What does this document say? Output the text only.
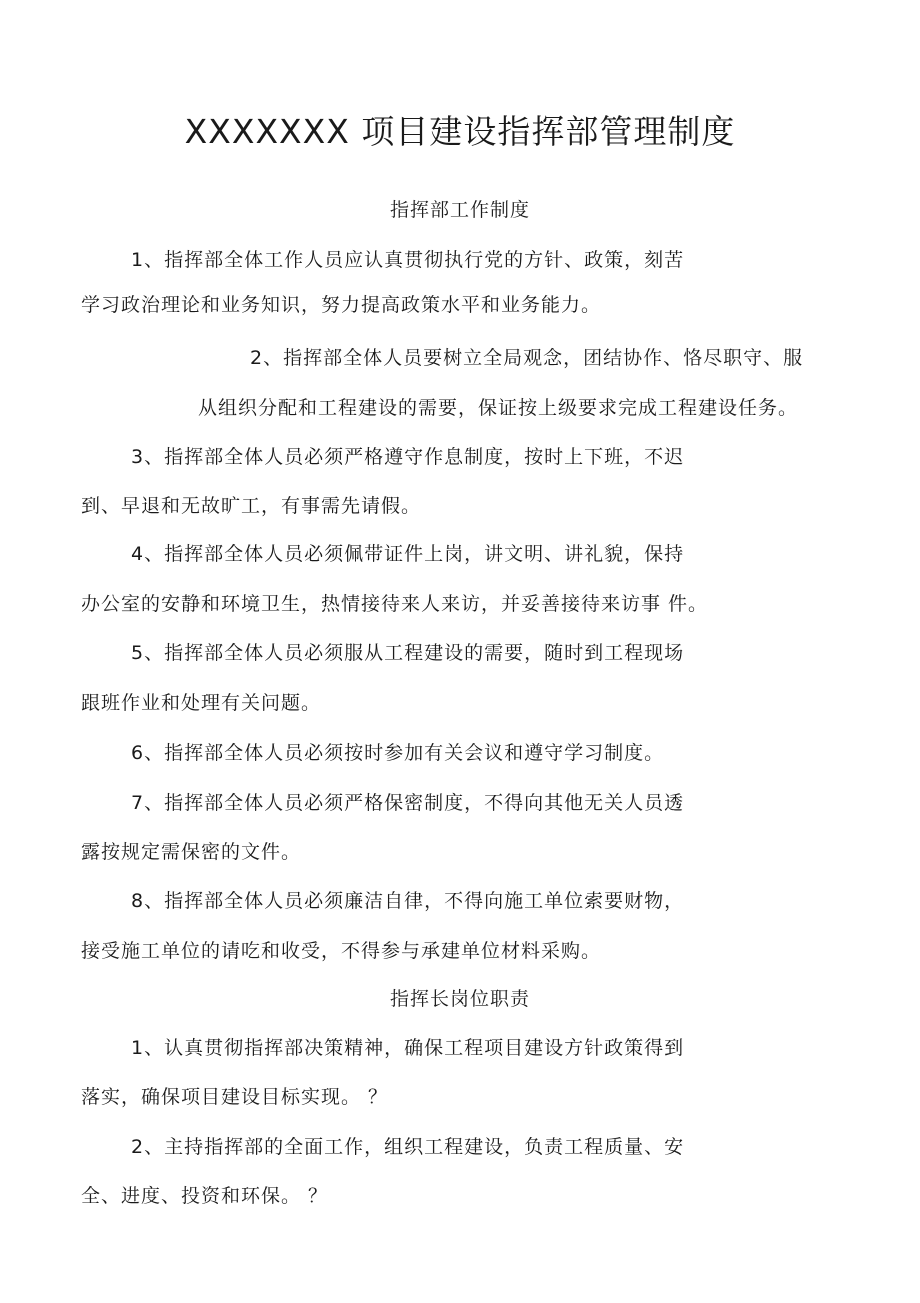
XXXXXXX 项目建设指挥部管理制度
指挥部工作制度
1、指挥部全体工作人员应认真贯彻执行党的方针、政策，刻苦
学习政治理论和业务知识，努力提高政策水平和业务能力。
2、指挥部全体人员要树立全局观念，团结协作、恪尽职守、服
从组织分配和工程建设的需要，保证按上级要求完成工程建设任务。
3、指挥部全体人员必须严格遵守作息制度，按时上下班，不迟
到、早退和无故旷工，有事需先请假。
4、指挥部全体人员必须佩带证件上岗，讲文明、讲礼貌，保持
办公室的安静和环境卫生，热情接待来人来访，并妥善接待来访事 件。
5、指挥部全体人员必须服从工程建设的需要，随时到工程现场
跟班作业和处理有关问题。
6、指挥部全体人员必须按时参加有关会议和遵守学习制度。
7、指挥部全体人员必须严格保密制度，不得向其他无关人员透
露按规定需保密的文件。
8、指挥部全体人员必须廉洁自律，不得向施工单位索要财物，
接受施工单位的请吃和收受，不得参与承建单位材料采购。
指挥长岗位职责
1、认真贯彻指挥部决策精神，确保工程项目建设方针政策得到
落实，确保项目建设目标实现。 ？
2、主持指挥部的全面工作，组织工程建设，负责工程质量、安
全、进度、投资和环保。 ？
